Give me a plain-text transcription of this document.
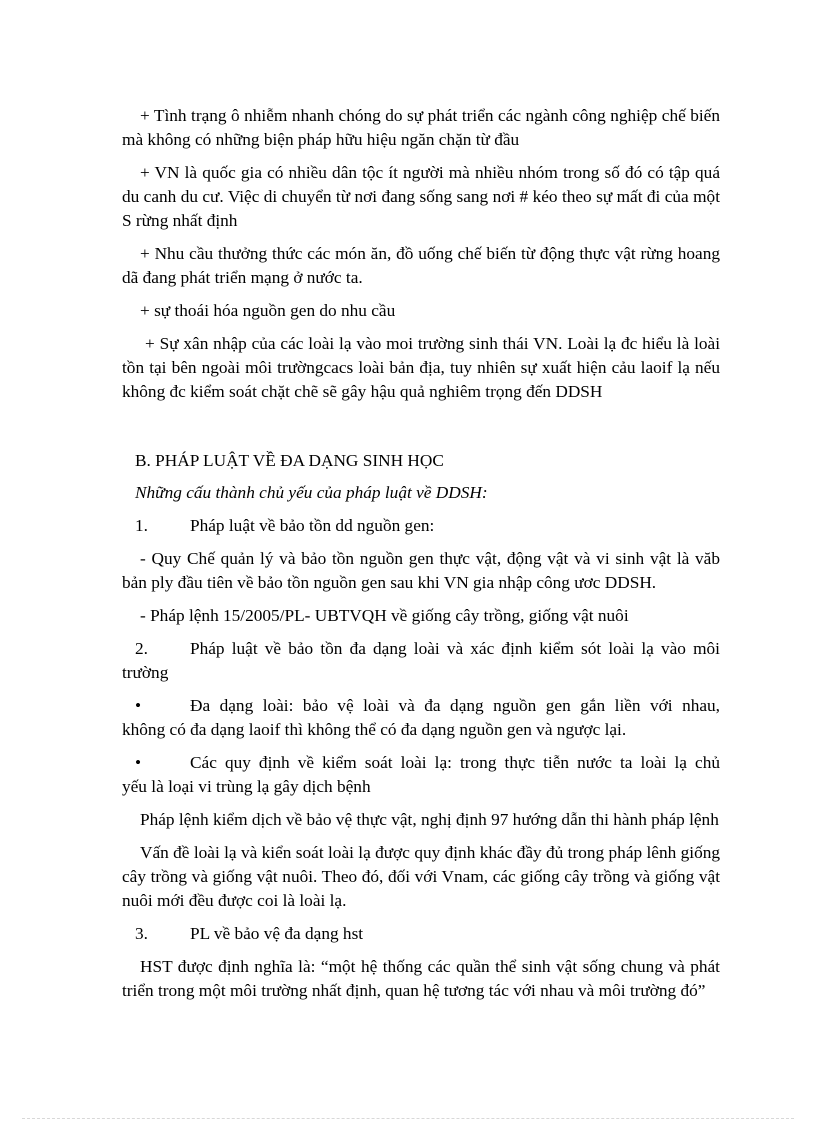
+ Tình trạng ô nhiễm nhanh chóng do sự phát triển các ngành công nghiệp chế biến mà không có những biện pháp hữu hiệu ngăn chặn từ đầu

+ VN là quốc gia có nhiều dân tộc ít người mà nhiều nhóm trong số đó có tập quá du canh du cư. Việc di chuyển từ nơi đang sống sang nơi # kéo theo sự mất đi của một S rừng nhất định

+ Nhu cầu thưởng thức các món ăn, đồ uống chế biến từ động thực vật rừng hoang dã đang phát triển mạng ở nước ta.

+ sự thoái hóa nguồn gen do nhu cầu

+ Sự xân nhập của các loài lạ vào moi trường sinh thái VN. Loài lạ đc hiểu là loài tồn tại bên ngoài môi trườngcacs loài bản địa, tuy nhiên sự xuất hiện cảu laoif lạ nếu không đc kiểm soát chặt chẽ sẽ gây hậu quả nghiêm trọng đến DDSH

B. PHÁP LUẬT VỀ ĐA DẠNG SINH HỌC

Những cấu thành chủ yếu của pháp luật về DDSH:

1.	Pháp luật về bảo tồn dd nguồn gen:

- Quy Chế quản lý và bảo tồn nguồn gen thực vật, động vật và vi sinh vật là văb bản ply đầu tiên về bảo tồn nguồn gen sau khi VN gia nhập công ươc DDSH.

- Pháp lệnh 15/2005/PL- UBTVQH về giống cây trồng, giống vật nuôi

2.	Pháp luật về bảo tồn đa dạng loài và xác định kiểm sót loài lạ vào môi
trường
•	Đa dạng loài: bảo vệ loài và đa dạng nguồn gen gắn liền với nhau,
không có đa dạng laoif thì không thể có đa dạng nguồn gen và ngược lại.
•	Các quy định về kiểm soát loài lạ: trong thực tiễn nước ta loài lạ chủ
yếu là loại vi trùng lạ gây dịch bệnh

Pháp lệnh kiểm dịch về bảo vệ thực vật, nghị định 97 hướng dẫn thi hành pháp lệnh

Vấn đề loài lạ và kiển soát loài lạ được quy định khác đầy đủ trong pháp lênh giống cây trồng và giống vật nuôi. Theo đó, đối với Vnam, các giống cây trồng và giống vật nuôi mới đều được coi là loài lạ.

3.	PL về bảo vệ đa dạng hst

HST được định nghĩa là: “một hệ thống các quần thể sinh vật sống chung và phát triển trong một môi trường nhất định, quan hệ tương tác với nhau và môi trường đó”
